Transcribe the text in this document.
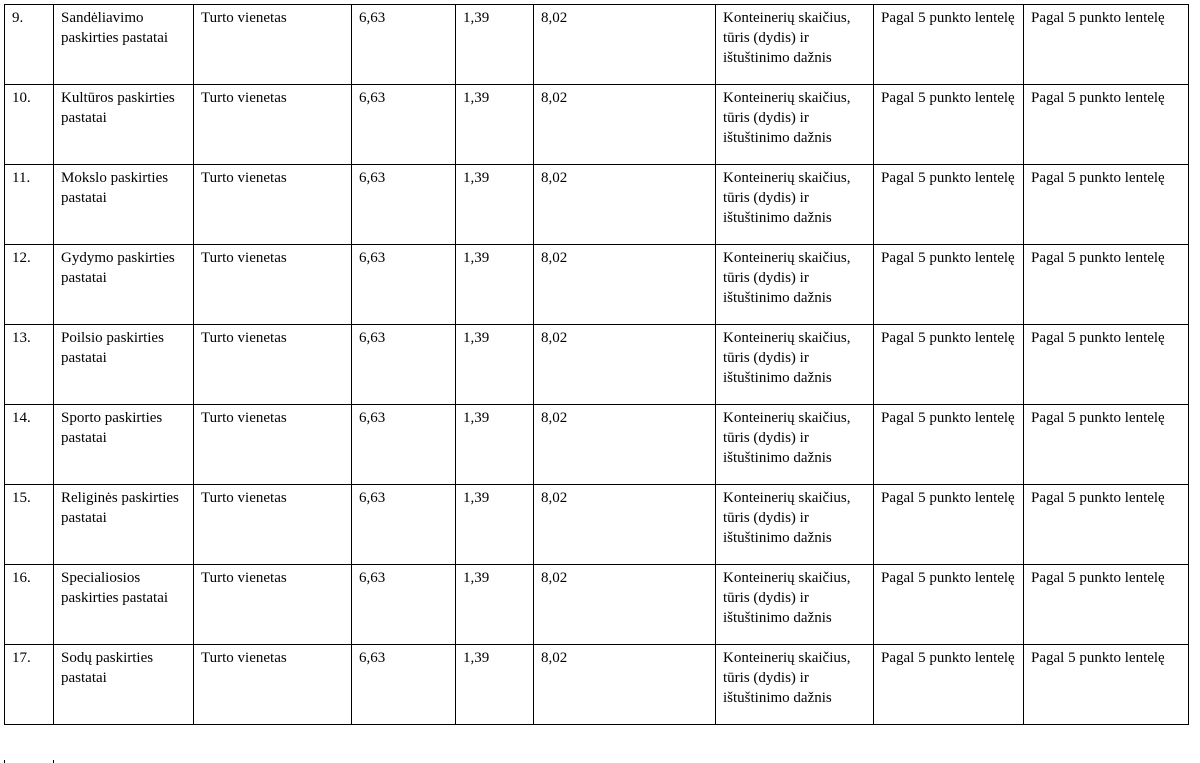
9.	Sandėliavimo paskirties pastatai	Turto vienetas	6,63	1,39	8,02	Konteinerių skaičius, tūris (dydis) ir ištuštinimo dažnis	Pagal 5 punkto lentelę	Pagal 5 punkto lentelę
10.	Kultūros paskirties pastatai	Turto vienetas	6,63	1,39	8,02	Konteinerių skaičius, tūris (dydis) ir ištuštinimo dažnis	Pagal 5 punkto lentelę	Pagal 5 punkto lentelę
11.	Mokslo paskirties pastatai	Turto vienetas	6,63	1,39	8,02	Konteinerių skaičius, tūris (dydis) ir ištuštinimo dažnis	Pagal 5 punkto lentelę	Pagal 5 punkto lentelę
12.	Gydymo paskirties pastatai	Turto vienetas	6,63	1,39	8,02	Konteinerių skaičius, tūris (dydis) ir ištuštinimo dažnis	Pagal 5 punkto lentelę	Pagal 5 punkto lentelę
13.	Poilsio paskirties pastatai	Turto vienetas	6,63	1,39	8,02	Konteinerių skaičius, tūris (dydis) ir ištuštinimo dažnis	Pagal 5 punkto lentelę	Pagal 5 punkto lentelę
14.	Sporto paskirties pastatai	Turto vienetas	6,63	1,39	8,02	Konteinerių skaičius, tūris (dydis) ir ištuštinimo dažnis	Pagal 5 punkto lentelę	Pagal 5 punkto lentelę
15.	Religinės paskirties pastatai	Turto vienetas	6,63	1,39	8,02	Konteinerių skaičius, tūris (dydis) ir ištuštinimo dažnis	Pagal 5 punkto lentelę	Pagal 5 punkto lentelę
16.	Specialiosios paskirties pastatai	Turto vienetas	6,63	1,39	8,02	Konteinerių skaičius, tūris (dydis) ir ištuštinimo dažnis	Pagal 5 punkto lentelę	Pagal 5 punkto lentelę
17.	Sodų paskirties pastatai	Turto vienetas	6,63	1,39	8,02	Konteinerių skaičius, tūris (dydis) ir ištuštinimo dažnis	Pagal 5 punkto lentelę	Pagal 5 punkto lentelę
